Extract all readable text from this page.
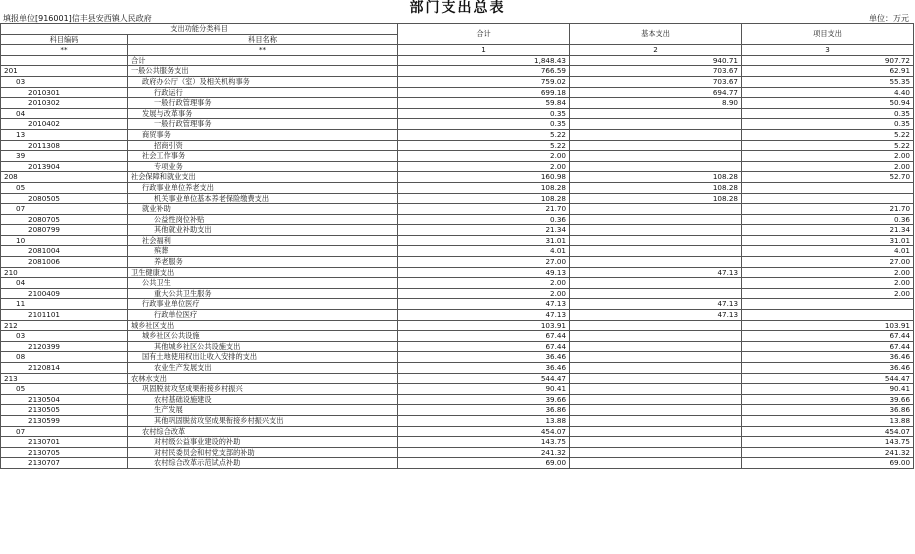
部门支出总表
填报单位[916001]信丰县安西镇人民政府	单位：万元
支出功能分类科目		合计	基本支出	项目支出
科目编码	科目名称			
**	**	1	2	3
	合计	1,848.43	940.71	907.72
201	一般公共服务支出	766.59	703.67	62.91
03	政府办公厅（室）及相关机构事务	759.02	703.67	55.35
2010301	行政运行	699.18	694.77	4.40
2010302	一般行政管理事务	59.84	8.90	50.94
04	发展与改革事务	0.35		0.35
2010402	一般行政管理事务	0.35		0.35
13	商贸事务	5.22		5.22
2011308	招商引资	5.22		5.22
39	社会工作事务	2.00		2.00
2013904	专项业务	2.00		2.00
208	社会保障和就业支出	160.98	108.28	52.70
05	行政事业单位养老支出	108.28	108.28	
2080505	机关事业单位基本养老保险缴费支出	108.28	108.28	
07	就业补助	21.70		21.70
2080705	公益性岗位补贴	0.36		0.36
2080799	其他就业补助支出	21.34		21.34
10	社会福利	31.01		31.01
2081004	殡葬	4.01		4.01
2081006	养老服务	27.00		27.00
210	卫生健康支出	49.13	47.13	2.00
04	公共卫生	2.00		2.00
2100409	重大公共卫生服务	2.00		2.00
11	行政事业单位医疗	47.13	47.13	
2101101	行政单位医疗	47.13	47.13	
212	城乡社区支出	103.91		103.91
03	城乡社区公共设施	67.44		67.44
2120399	其他城乡社区公共设施支出	67.44		67.44
08	国有土地使用权出让收入安排的支出	36.46		36.46
2120814	农业生产发展支出	36.46		36.46
213	农林水支出	544.47		544.47
05	巩固脱贫攻坚成果衔接乡村振兴	90.41		90.41
2130504	农村基础设施建设	39.66		39.66
2130505	生产发展	36.86		36.86
2130599	其他巩固脱贫攻坚成果衔接乡村振兴支出	13.88		13.88
07	农村综合改革	454.07		454.07
2130701	对村级公益事业建设的补助	143.75		143.75
2130705	对村民委员会和村党支部的补助	241.32		241.32
2130707	农村综合改革示范试点补助	69.00		69.00
